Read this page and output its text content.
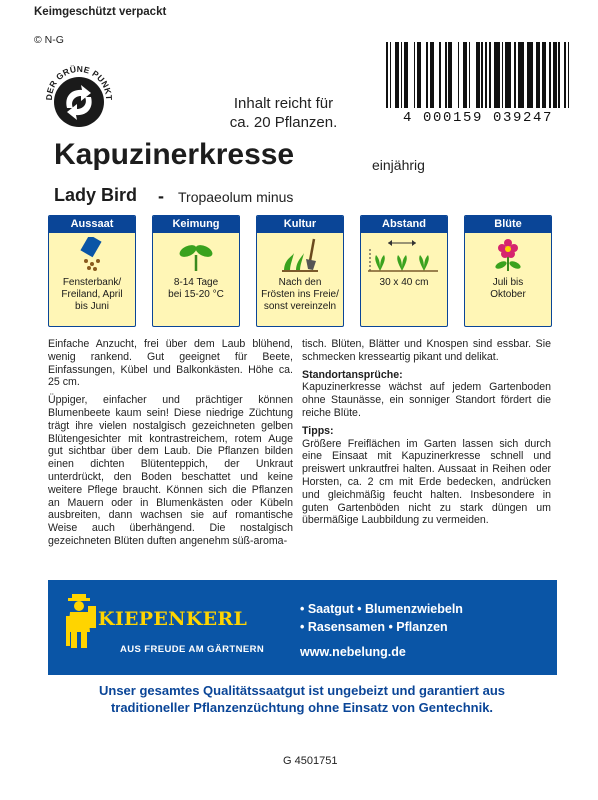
Keimgeschützt verpackt
© N-G
DER GRÜNE PUNKT	Inhalt reicht für
ca. 20 Pflanzen.	4 000159 039247
Kapuzinerkresse	einjährig
Lady Bird - Tropaeolum minus
Aussaat
Fensterbank/
Freiland, April
bis Juni
Keimung
8-14 Tage
bei 15-20 °C
Kultur
Nach den
Frösten ins Freie/
sonst vereinzeln
Abstand
30 x 40 cm
Blüte
Juli bis
Oktober

Einfache Anzucht, frei über dem Laub blühend, wenig rankend. Gut geeignet für Beete, Einfassungen, Kübel und Balkonkästen. Höhe ca. 25 cm.

Üppiger, einfacher und prächtiger können Blumenbeete kaum sein! Diese niedrige Züchtung trägt ihre vielen nostalgisch gezeichneten gelben Blütengesichter mit kontrastreichem, rotem Auge gut sichtbar über dem Laub. Die Pflanzen bilden einen dichten Blütenteppich, der Unkraut unterdrückt, den Boden beschattet und keine weitere Pflege braucht. Können sich die Pflanzen an Mauern oder in Blumenkästen oder Kübeln ausbreiten, dann wachsen sie auf romantische Weise auch überhängend. Die nostalgisch gezeichneten Blüten duften angenehm süß-aroma-

tisch. Blüten, Blätter und Knospen sind essbar. Sie schmecken kresseartig pikant und delikat.

Standortansprüche:

Kapuzinerkresse wächst auf jedem Gartenboden ohne Staunässe, ein sonniger Standort fördert die reiche Blüte.

Tipps:

Größere Freiflächen im Garten lassen sich durch eine Einsaat mit Kapuzinerkresse schnell und preiswert unkrautfrei halten. Aussaat in Reihen oder Horsten, ca. 2 cm mit Erde bedecken, andrücken und gleichmäßig feucht halten. Insbesondere in guten Gartenböden nicht zu stark düngen um übermäßige Laubbildung zu vermeiden.

KIEPENKERL
AUS FREUDE AM GÄRTNERN
• Saatgut • Blumenzwiebeln
• Rasensamen • Pflanzen
www.nebelung.de
Unser gesamtes Qualitätssaatgut ist ungebeizt und garantiert aus traditioneller Pflanzenzüchtung ohne Einsatz von Gentechnik.
G 4501751
